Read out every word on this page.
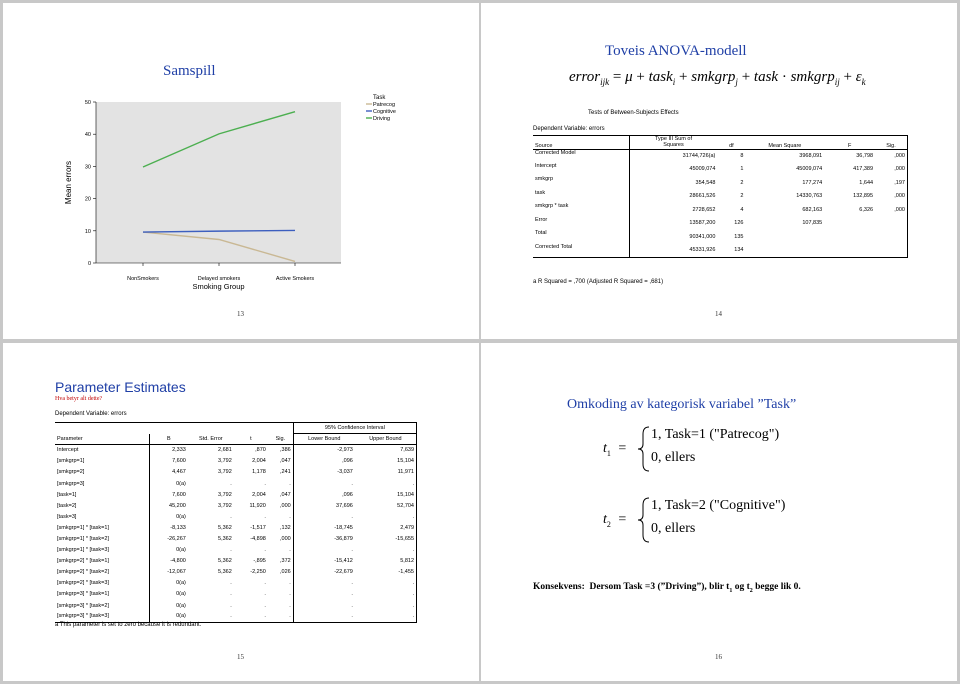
Samspill
0
10
20
30
40
50
NonSmokers	Delayed smokers	Active Smokers
Mean errors
Smoking Group
Task
Patrecog
Cognitive
Driving
13
Toveis ANOVA-modell
error$_{ijk}$ = μ + task$_i$ + smkgrp$_j$ + task · smkgrp$_{ij}$ + $\varepsilon_k$
Tests of Between-Subjects Effects
Dependent Variable: errors
Source	Type III Sum of
Squares	df	Mean Square	F	Sig.
Corrected Model	31744,726(a)	8	3968,091	36,798	,000
Intercept	45009,074	1	45009,074	417,389	,000
smkgrp	354,548	2	177,274	1,644	,197
task	28661,526	2	14330,763	132,895	,000
smkgrp * task	2728,652	4	682,163	6,326	,000
Error	13587,200	126	107,835		
Total	90341,000	135			
Corrected Total	45331,926	134			
a R Squared = ,700 (Adjusted R Squared = ,681)
14
Parameter Estimates
Hva betyr alt dette?
Dependent Variable: errors
					95% Confidence Interval	
Parameter	B	Std. Error	t	Sig.	Lower Bound	Upper Bound
Intercept	2,333	2,681	,870	,386	-2,973	7,639
[smkgrp=1]	7,600	3,792	2,004	,047	,096	15,104
[smkgrp=2]	4,467	3,792	1,178	,241	-3,037	11,971
[smkgrp=3]	0(a)	.	.	.	.	.
[task=1]	7,600	3,792	2,004	,047	,096	15,104
[task=2]	45,200	3,792	11,920	,000	37,696	52,704
[task=3]	0(a)	.	.	.	.	.
[smkgrp=1] * [task=1]	-8,133	5,362	-1,517	,132	-18,745	2,479
[smkgrp=1] * [task=2]	-26,267	5,362	-4,898	,000	-36,879	-15,655
[smkgrp=1] * [task=3]	0(a)	.	.	.	.	.
[smkgrp=2] * [task=1]	-4,800	5,362	-,895	,372	-15,412	5,812
[smkgrp=2] * [task=2]	-12,067	5,362	-2,250	,026	-22,679	-1,455
[smkgrp=2] * [task=3]	0(a)	.	.	.	.	.
[smkgrp=3] * [task=1]	0(a)	.	.	.	.	.
[smkgrp=3] * [task=2]	0(a)	.	.	.	.	.
[smkgrp=3] * [task=3]	0(a)	.	.	.	.	.
a This parameter is set to zero because it is redundant.
15
Omkoding av kategorisk variabel ”Task”
$t_1$ =
1, Task=1 ("Patrecog")
0, ellers
$t_2$ =
1, Task=2 ("Cognitive")
0, ellers
Konsekvens: Dersom Task =3 (”Driving”), blir $t_1$ og $t_2$ begge lik 0.
16
